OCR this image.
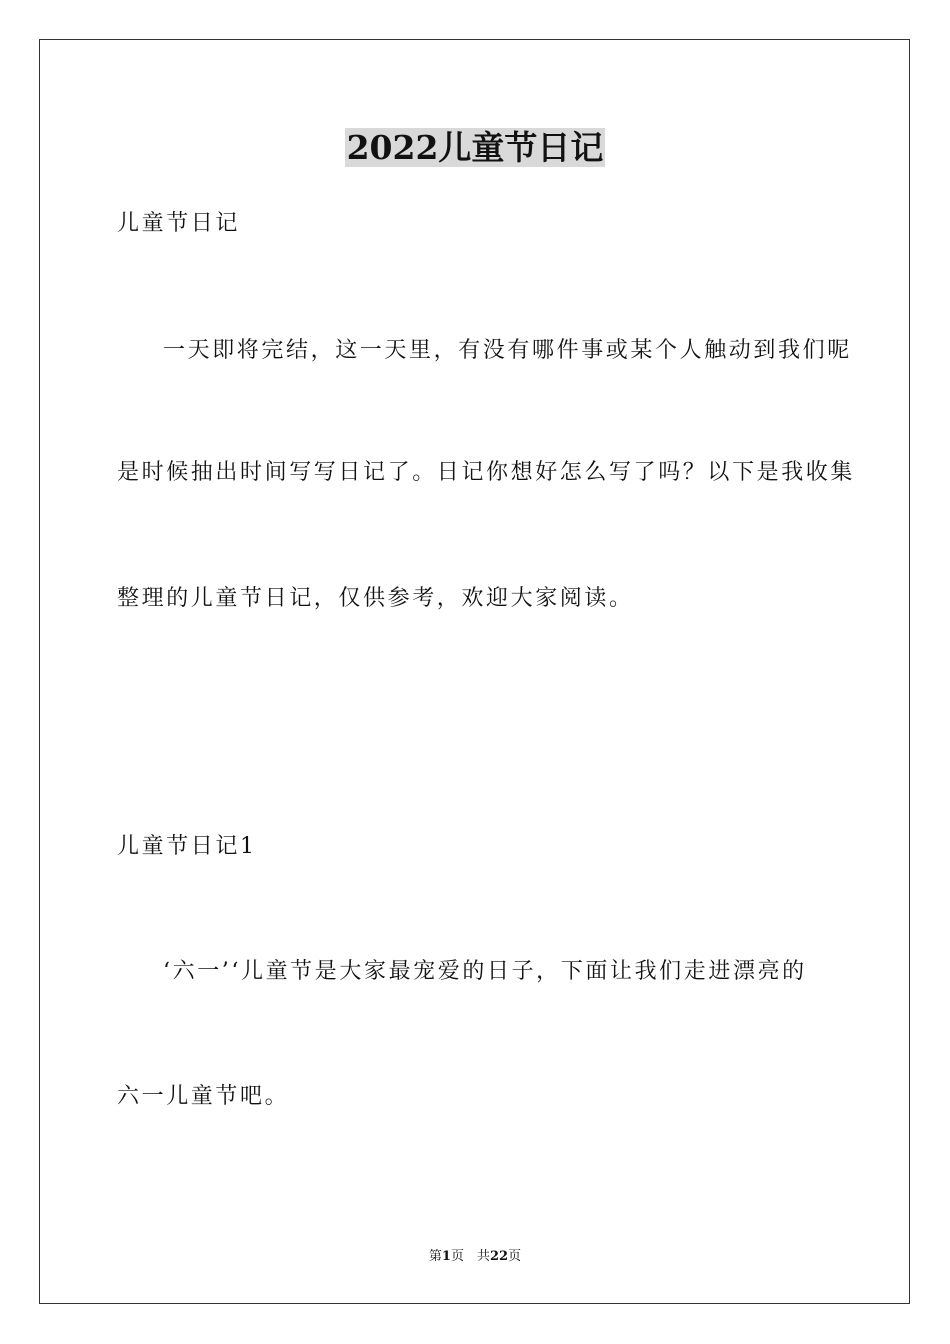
2022儿童节日记
儿童节日记
一天即将完结，这一天里，有没有哪件事或某个人触动到我们呢
是时候抽出时间写写日记了。日记你想好怎么写了吗？以下是我收集
整理的儿童节日记，仅供参考，欢迎大家阅读。
儿童节日记1
‘六一’‘儿童节是大家最宠爱的日子，下面让我们走进漂亮的
六一儿童节吧。
第1页　共22页
